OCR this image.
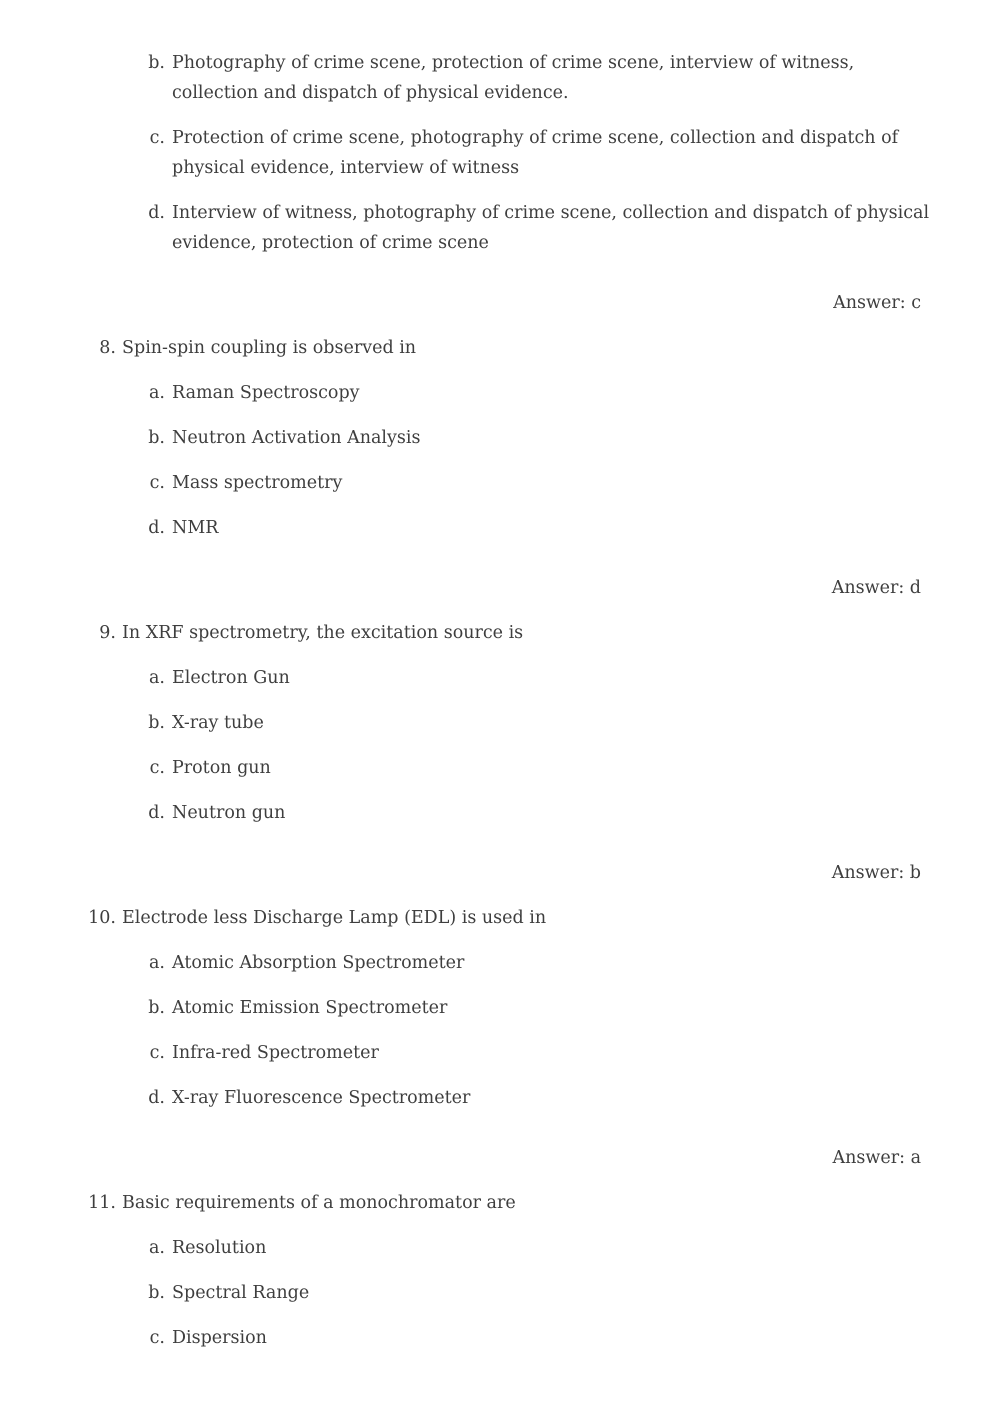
b. Photography of crime scene, protection of crime scene, interview of witness,
collection and dispatch of physical evidence.
c. Protection of crime scene, photography of crime scene, collection and dispatch of
physical evidence, interview of witness
d. Interview of witness, photography of crime scene, collection and dispatch of physical
evidence, protection of crime scene
Answer: c
8. Spin-spin coupling is observed in
a. Raman Spectroscopy
b. Neutron Activation Analysis
c. Mass spectrometry
d. NMR
Answer: d
9. In XRF spectrometry, the excitation source is
a. Electron Gun
b. X-ray tube
c. Proton gun
d. Neutron gun
Answer: b
10. Electrode less Discharge Lamp (EDL) is used in
a. Atomic Absorption Spectrometer
b. Atomic Emission Spectrometer
c. Infra-red Spectrometer
d. X-ray Fluorescence Spectrometer
Answer: a
11. Basic requirements of a monochromator are
a. Resolution
b. Spectral Range
c. Dispersion
